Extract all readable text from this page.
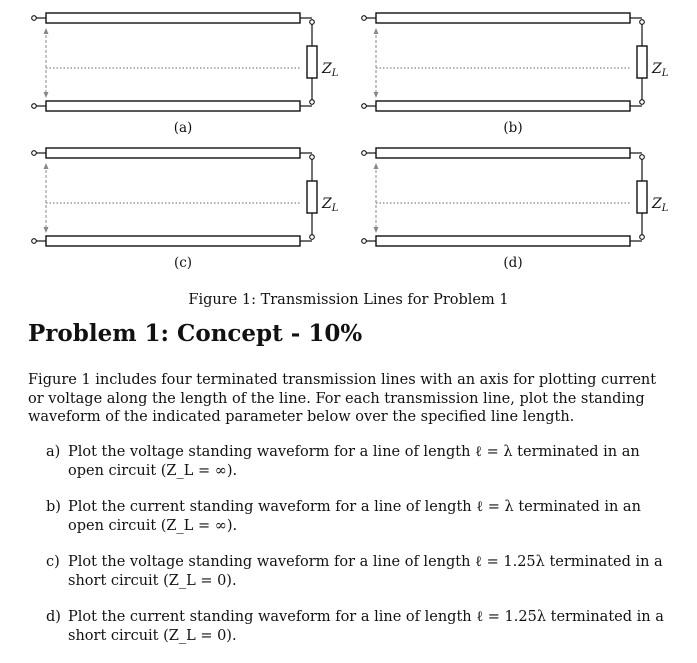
$Z_L$
(a)
$Z_L$
(b)
$Z_L$
(c)
$Z_L$
(d)
Figure 1: Transmission Lines for Problem 1
Problem 1: Concept - 10%

Figure 1 includes four terminated transmission lines with an axis for plotting current or voltage along the length of the line. For each transmission line, plot the standing waveform of the indicated parameter below over the specified line length.

a) Plot the voltage standing waveform for a line of length ℓ = λ terminated in an open circuit (Z_L = ∞).
b) Plot the current standing waveform for a line of length ℓ = λ terminated in an open circuit (Z_L = ∞).
c) Plot the voltage standing waveform for a line of length ℓ = 1.25λ terminated in a short circuit (Z_L = 0).
d) Plot the current standing waveform for a line of length ℓ = 1.25λ terminated in a short circuit (Z_L = 0).
